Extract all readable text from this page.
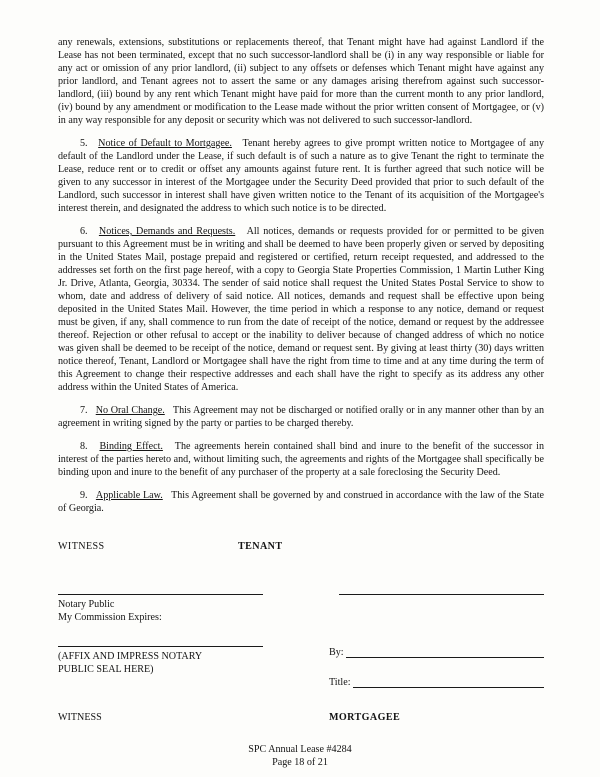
any renewals, extensions, substitutions or replacements thereof, that Tenant might have had against Landlord if the Lease has not been terminated, except that no such successor-landlord shall be (i) in any way responsible or liable for any act or omission of any prior landlord, (ii) subject to any offsets or defenses which Tenant might have against any prior landlord, and Tenant agrees not to assert the same or any damages arising therefrom against such successor-landlord, (iii) bound by any rent which Tenant might have paid for more than the current month to any prior landlord, (iv) bound by any amendment or modification to the Lease made without the prior written consent of Mortgagee, or (v) in any way responsible for any deposit or security which was not delivered to such successor-landlord.

5. Notice of Default to Mortgagee. Tenant hereby agrees to give prompt written notice to Mortgagee of any default of the Landlord under the Lease, if such default is of such a nature as to give Tenant the right to terminate the Lease, reduce rent or to credit or offset any amounts against future rent. It is further agreed that such notice will be given to any successor in interest of the Mortgagee under the Security Deed provided that prior to such default of the Landlord, such successor in interest shall have given written notice to the Tenant of its acquisition of the Mortgagee's interest therein, and designated the address to which such notice is to be directed.

6. Notices, Demands and Requests. All notices, demands or requests provided for or permitted to be given pursuant to this Agreement must be in writing and shall be deemed to have been properly given or served by depositing in the United States Mail, postage prepaid and registered or certified, return receipt requested, and addressed to the addresses set forth on the first page hereof, with a copy to Georgia State Properties Commission, 1 Martin Luther King Jr. Drive, Atlanta, Georgia, 30334. The sender of said notice shall request the United States Postal Service to show to whom, date and address of delivery of said notice. All notices, demands and request shall be effective upon being deposited in the United States Mail. However, the time period in which a response to any notice, demand or request must be given, if any, shall commence to run from the date of receipt of the notice, demand or request by the addressee thereof. Rejection or other refusal to accept or the inability to deliver because of changed address of which no notice was given shall be deemed to be receipt of the notice, demand or request sent. By giving at least thirty (30) days written notice thereof, Tenant, Landlord or Mortgagee shall have the right from time to time and at any time during the term of this Agreement to change their respective addresses and each shall have the right to specify as its address any other address within the United States of America.

7. No Oral Change. This Agreement may not be discharged or notified orally or in any manner other than by an agreement in writing signed by the party or parties to be charged thereby.

8. Binding Effect. The agreements herein contained shall bind and inure to the benefit of the successor in interest of the parties hereto and, without limiting such, the agreements and rights of the Mortgagee shall specifically be binding upon and inure to the benefit of any purchaser of the property at a sale foreclosing the Security Deed.

9. Applicable Law. This Agreement shall be governed by and construed in accordance with the law of the State of Georgia.

WITNESS	TENANT
Notary Public
My Commission Expires:
(AFFIX AND IMPRESS NOTARY
PUBLIC SEAL HERE)
By:
Title:
WITNESS	MORTGAGEE
SPC Annual Lease #4284
Page 18 of 21
